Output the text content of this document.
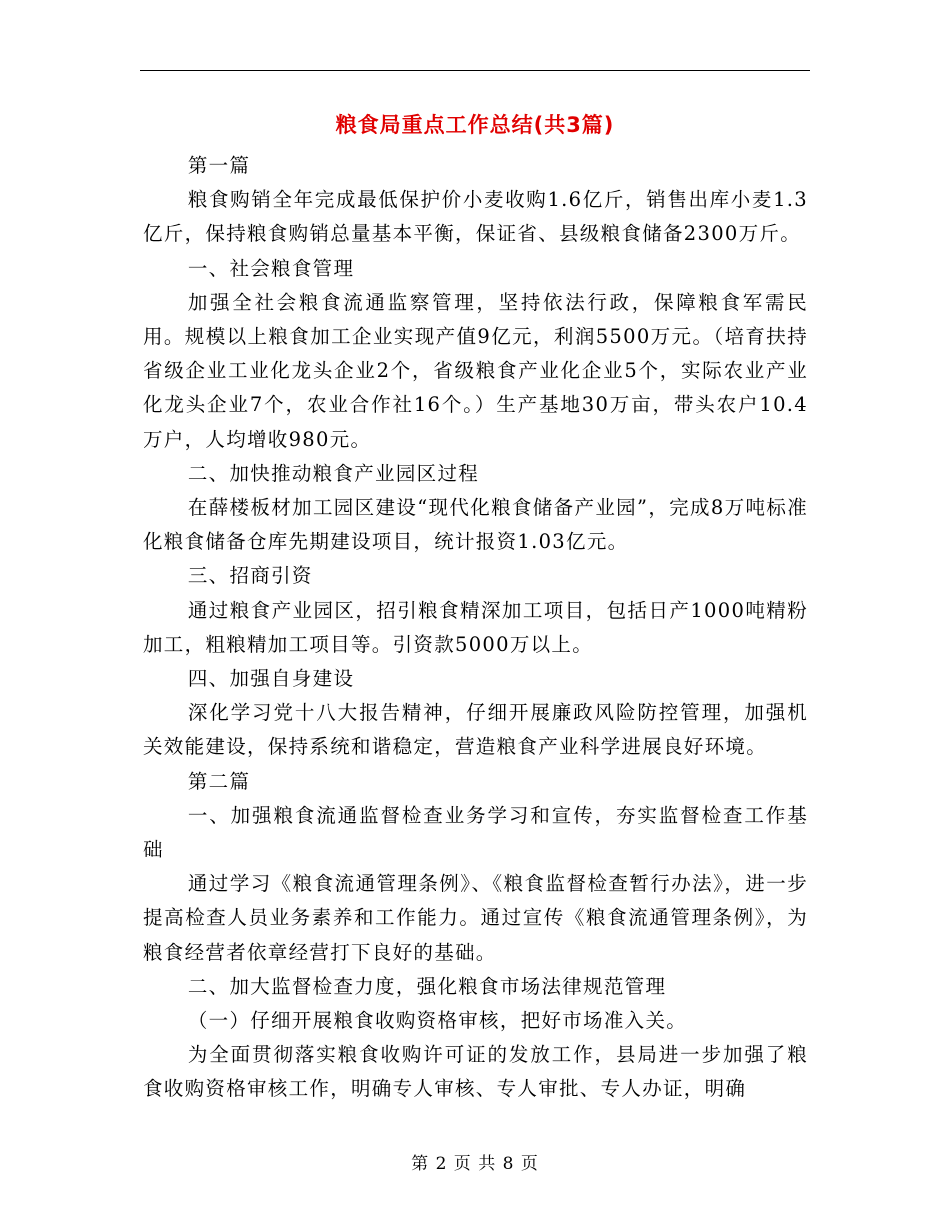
粮食局重点工作总结(共3篇)

第一篇

粮食购销全年完成最低保护价小麦收购1.6亿斤，销售出库小麦1.3亿斤，保持粮食购销总量基本平衡，保证省、县级粮食储备2300万斤。

一、社会粮食管理

加强全社会粮食流通监察管理，坚持依法行政，保障粮食军需民用。规模以上粮食加工企业实现产值9亿元，利润5500万元。（培育扶持省级企业工业化龙头企业2个，省级粮食产业化企业5个，实际农业产业化龙头企业7个，农业合作社16个。）生产基地30万亩，带头农户10.4万户，人均增收980元。

二、加快推动粮食产业园区过程

在薛楼板材加工园区建设“现代化粮食储备产业园”，完成8万吨标准化粮食储备仓库先期建设项目，统计报资1.03亿元。

三、招商引资

通过粮食产业园区，招引粮食精深加工项目，包括日产1000吨精粉加工，粗粮精加工项目等。引资款5000万以上。

四、加强自身建设

深化学习党十八大报告精神，仔细开展廉政风险防控管理，加强机关效能建设，保持系统和谐稳定，营造粮食产业科学进展良好环境。

第二篇

一、加强粮食流通监督检查业务学习和宣传，夯实监督检查工作基础

通过学习《粮食流通管理条例》、《粮食监督检查暂行办法》，进一步提高检查人员业务素养和工作能力。通过宣传《粮食流通管理条例》，为粮食经营者依章经营打下良好的基础。

二、加大监督检查力度，强化粮食市场法律规范管理

（一）仔细开展粮食收购资格审核，把好市场准入关。

为全面贯彻落实粮食收购许可证的发放工作，县局进一步加强了粮食收购资格审核工作，明确专人审核、专人审批、专人办证，明确

第 2 页 共 8 页
